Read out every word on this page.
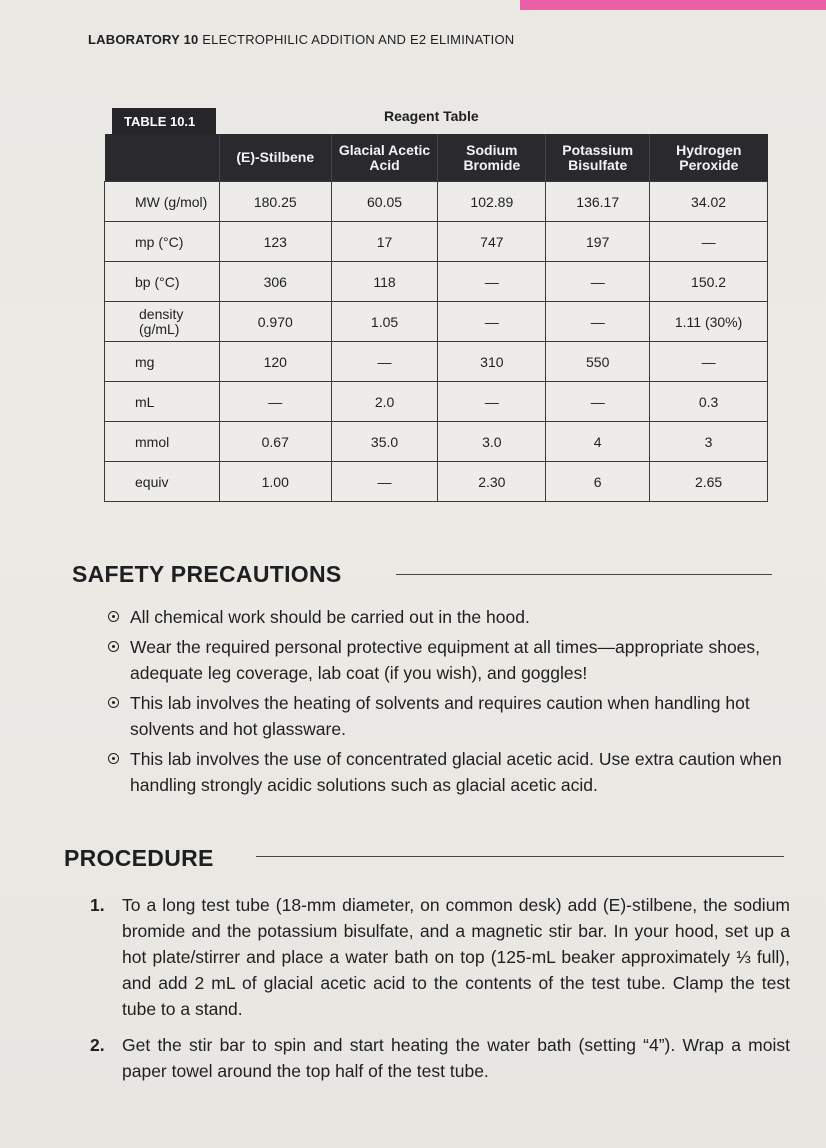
LABORATORY 10 ELECTROPHILIC ADDITION AND E2 ELIMINATION
TABLE 10.1	Reagent Table
	(E)-Stilbene	Glacial Acetic Acid	Sodium Bromide	Potassium Bisulfate	Hydrogen Peroxide
MW (g/mol)	180.25	60.05	102.89	136.17	34.02
mp (°C)	123	17	747	197	—
bp (°C)	306	118	—	—	150.2
density (g/mL)	0.970	1.05	—	—	1.11 (30%)
mg	120	—	310	550	—
mL	—	2.0	—	—	0.3
mmol	0.67	35.0	3.0	4	3
equiv	1.00	—	2.30	6	2.65
SAFETY PRECAUTIONS
All chemical work should be carried out in the hood.
Wear the required personal protective equipment at all times—appropriate shoes, adequate leg coverage, lab coat (if you wish), and goggles!
This lab involves the heating of solvents and requires caution when handling hot solvents and hot glassware.
This lab involves the use of concentrated glacial acetic acid. Use extra caution when handling strongly acidic solutions such as glacial acetic acid.
PROCEDURE
1. To a long test tube (18-mm diameter, on common desk) add (E)-stilbene, the sodium bromide and the potassium bisulfate, and a magnetic stir bar. In your hood, set up a hot plate/stirrer and place a water bath on top (125-mL beaker approximately ⅓ full), and add 2 mL of glacial acetic acid to the contents of the test tube. Clamp the test tube to a stand.
2. Get the stir bar to spin and start heating the water bath (setting “4”). Wrap a moist paper towel around the top half of the test tube.
